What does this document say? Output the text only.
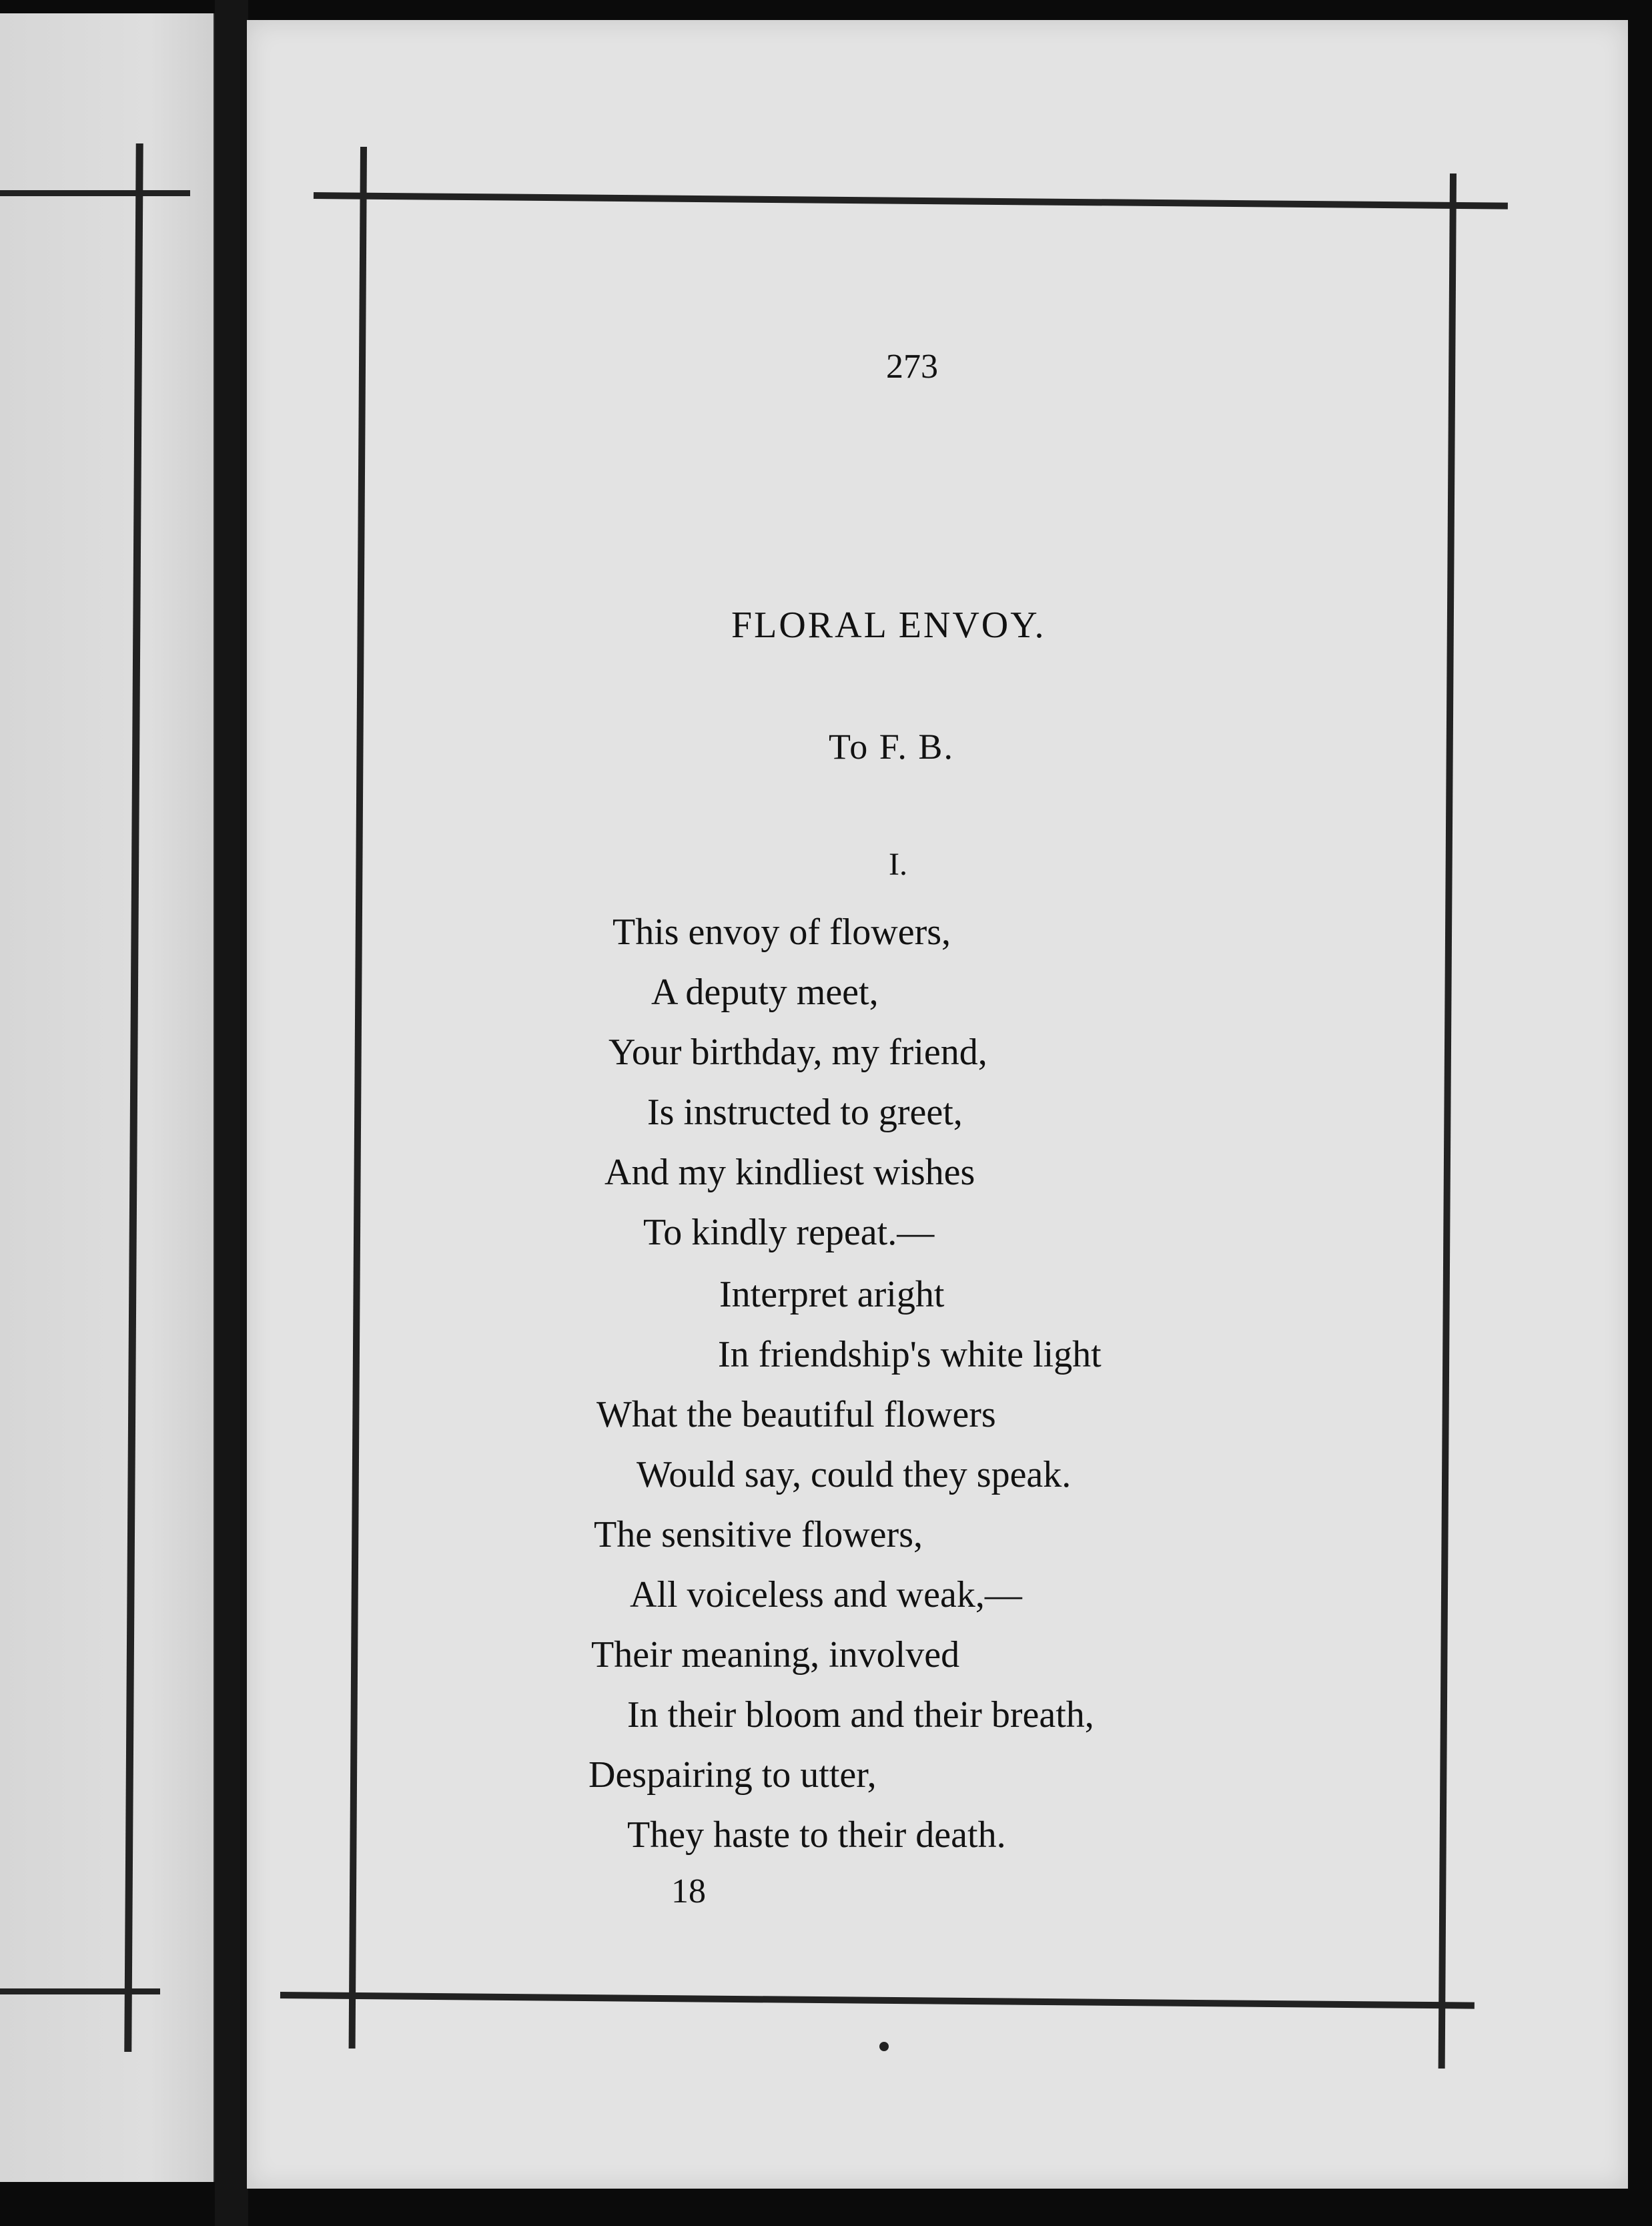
273
FLORAL ENVOY.
To F. B.
I.
This envoy of flowers,
A deputy meet,
Your birthday, my friend,
Is instructed to greet,
And my kindliest wishes
To kindly repeat.—
Interpret aright
In friendship's white light
What the beautiful flowers
Would say, could they speak.
The sensitive flowers,
All voiceless and weak,—
Their meaning, involved
In their bloom and their breath,
Despairing to utter,
They haste to their death.
18
